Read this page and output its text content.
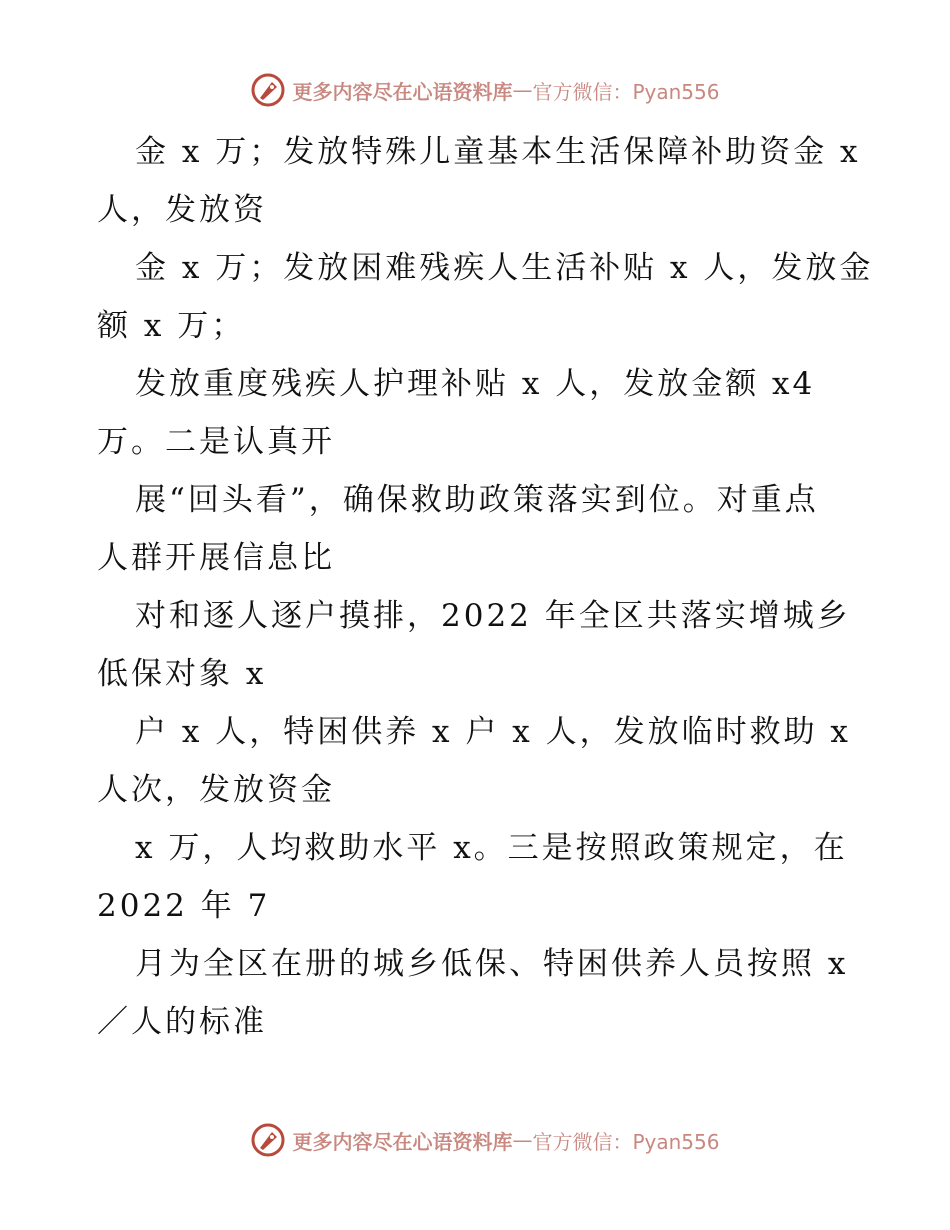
更多内容尽在心语资料库 — 官方微信：Pyan556
金 x 万；发放特殊儿童基本生活保障补助资金 x
人，发放资
金 x 万；发放困难残疾人生活补贴 x 人，发放金
额 x 万；
发放重度残疾人护理补贴 x 人，发放金额 x4
万。二是认真开
展“回头看”，确保救助政策落实到位。对重点
人群开展信息比
对和逐人逐户摸排，2022 年全区共落实增城乡
低保对象 x
户 x 人，特困供养 x 户 x 人，发放临时救助 x
人次，发放资金
x 万，人均救助水平 x。三是按照政策规定，在
2022 年 7
月为全区在册的城乡低保、特困供养人员按照 x
／人的标准
更多内容尽在心语资料库 — 官方微信：Pyan556
